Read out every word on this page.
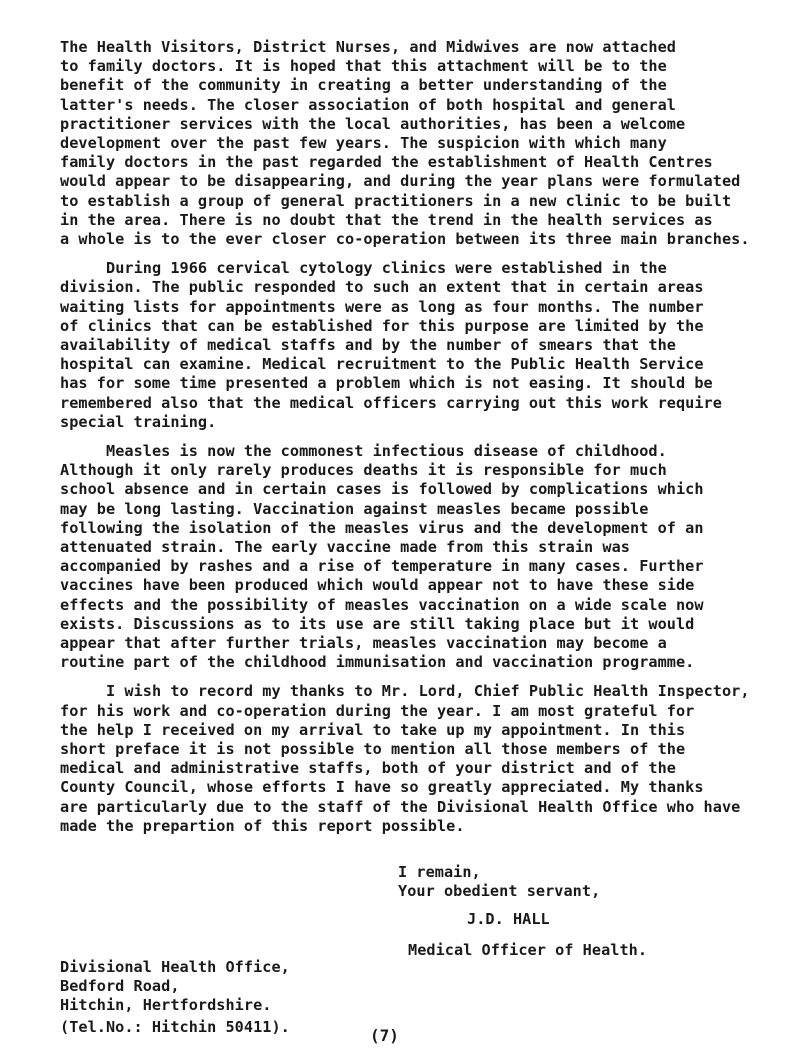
The Health Visitors, District Nurses, and Midwives are now attached
to family doctors. It is hoped that this attachment will be to the
benefit of the community in creating a better understanding of the
latter's needs. The closer association of both hospital and general
practitioner services with the local authorities, has been a welcome
development over the past few years. The suspicion with which many
family doctors in the past regarded the establishment of Health Centres
would appear to be disappearing, and during the year plans were formulated
to establish a group of general practitioners in a new clinic to be built
in the area. There is no doubt that the trend in the health services as
a whole is to the ever closer co-operation between its three main branches.
During 1966 cervical cytology clinics were established in the
division. The public responded to such an extent that in certain areas
waiting lists for appointments were as long as four months. The number
of clinics that can be established for this purpose are limited by the
availability of medical staffs and by the number of smears that the
hospital can examine. Medical recruitment to the Public Health Service
has for some time presented a problem which is not easing. It should be
remembered also that the medical officers carrying out this work require
special training.
Measles is now the commonest infectious disease of childhood.
Although it only rarely produces deaths it is responsible for much
school absence and in certain cases is followed by complications which
may be long lasting. Vaccination against measles became possible
following the isolation of the measles virus and the development of an
attenuated strain. The early vaccine made from this strain was
accompanied by rashes and a rise of temperature in many cases. Further
vaccines have been produced which would appear not to have these side
effects and the possibility of measles vaccination on a wide scale now
exists. Discussions as to its use are still taking place but it would
appear that after further trials, measles vaccination may become a
routine part of the childhood immunisation and vaccination programme.
I wish to record my thanks to Mr. Lord, Chief Public Health Inspector,
for his work and co-operation during the year. I am most grateful for
the help I received on my arrival to take up my appointment. In this
short preface it is not possible to mention all those members of the
medical and administrative staffs, both of your district and of the
County Council, whose efforts I have so greatly appreciated. My thanks
are particularly due to the staff of the Divisional Health Office who have
made the prepartion of this report possible.
I remain,
Your obedient servant,
J.D. HALL
Medical Officer of Health.
Divisional Health Office,
Bedford Road,
Hitchin, Hertfordshire.
(Tel.No.: Hitchin 50411).	(7)
